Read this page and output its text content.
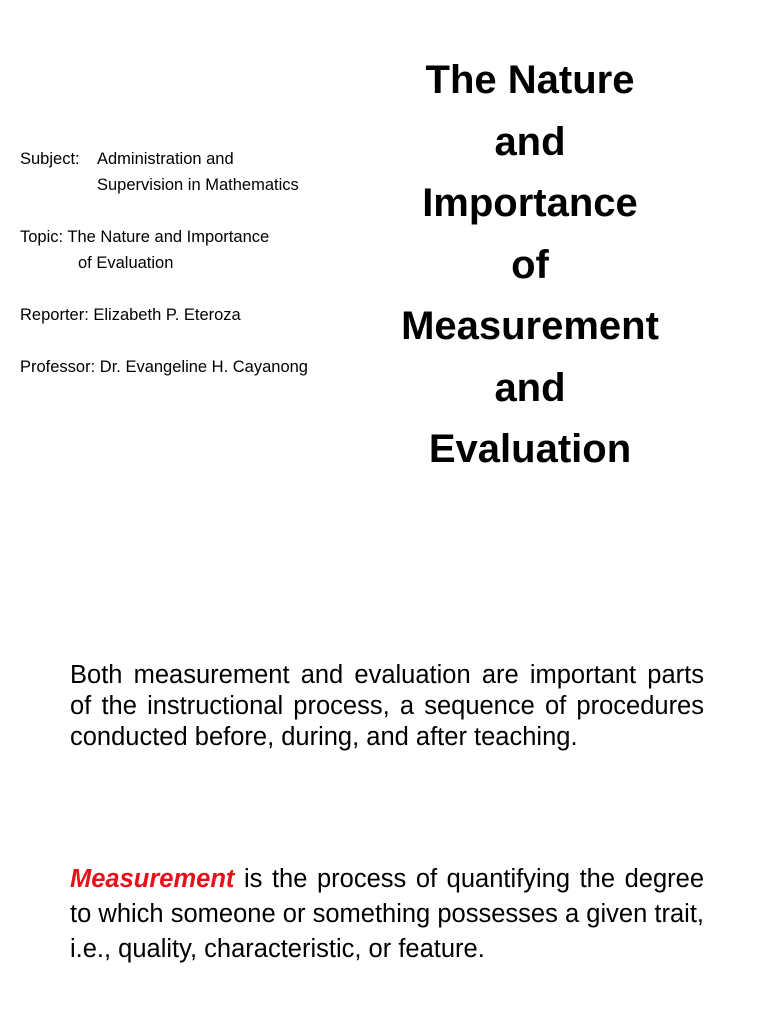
Subject:	Administration and
Supervision in Mathematics
Topic: The Nature and Importance
of Evaluation
Reporter: Elizabeth P. Eteroza
Professor: Dr. Evangeline H. Cayanong
The Nature
and
Importance
of
Measurement
and
Evaluation

Both measurement and evaluation are important parts of the instructional process, a sequence of procedures conducted before, during, and after teaching.

Measurement is the process of quantifying the degree to which someone or something possesses a given trait, i.e., quality, characteristic, or feature.
